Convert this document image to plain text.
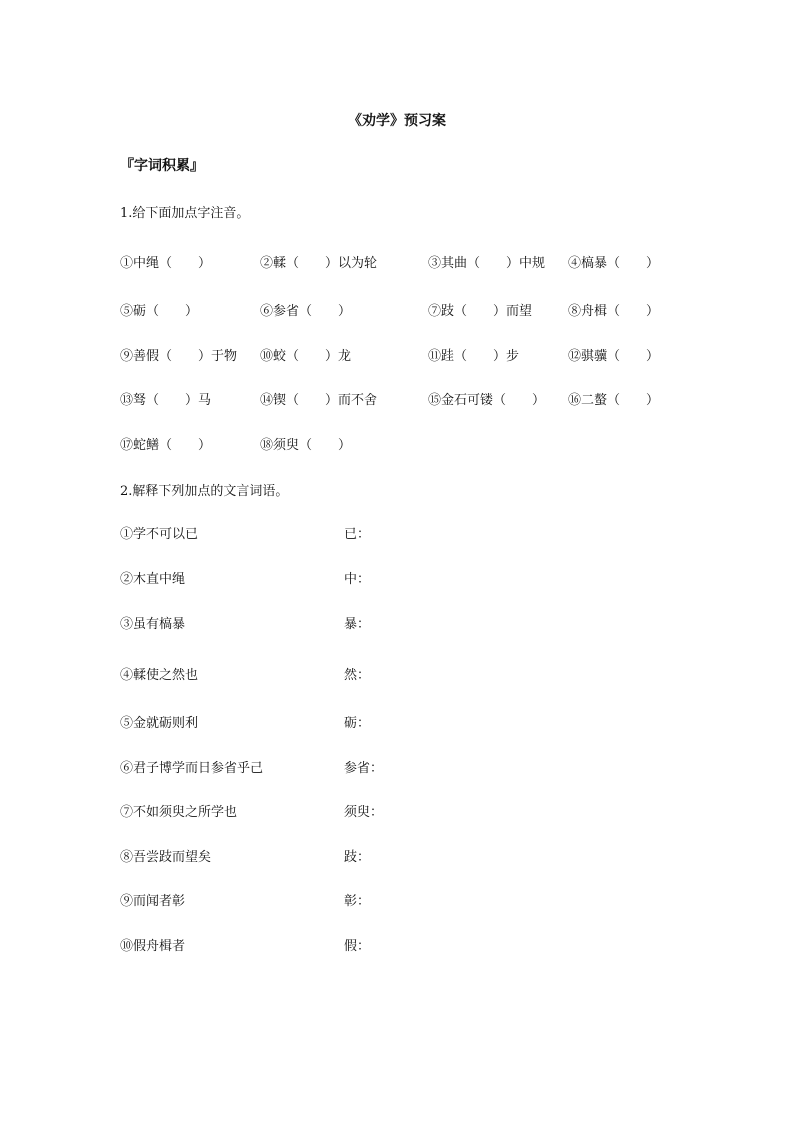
《劝学》预习案
『字词积累』
1.给下面加点字注音。
①中绳（　　）	②輮（　　）以为轮	③其曲（　　）中规 ④槁暴（　　）
⑤砺（　　）	⑥参省（　　）	⑦跂（　　）而望	⑧舟楫（　　）
⑨善假（　　）于物 ⑩蛟（　　）龙	⑪跬（　　）步	⑫骐骥（　　）
⑬驽（　　）马	⑭锲（　　）而不舍	⑮金石可镂（　　） ⑯二螯（　　）
⑰蛇鳝（　　）	⑱须臾（　　）
2.解释下列加点的文言词语。
①学不可以已	已：
②木直中绳	中：
③虽有槁暴	暴：
④輮使之然也	然：
⑤金就砺则利	砺：
⑥君子博学而日参省乎己	参省：
⑦不如须臾之所学也	须臾：
⑧吾尝跂而望矣	跂：
⑨而闻者彰	彰：
⑩假舟楫者	假：
